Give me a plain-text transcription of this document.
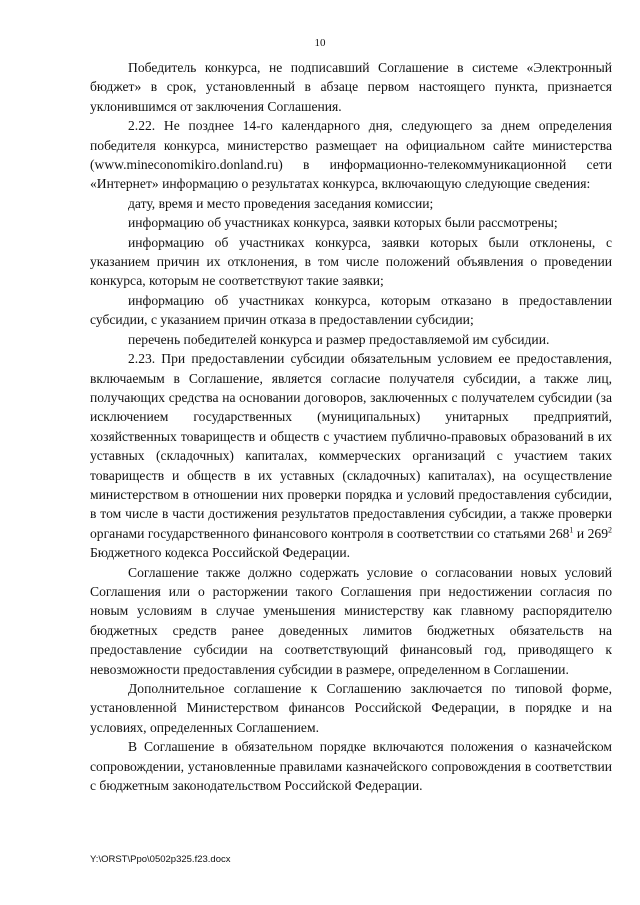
10

Победитель конкурса, не подписавший Соглашение в системе «Электронный бюджет» в срок, установленный в абзаце первом настоящего пункта, признается уклонившимся от заключения Соглашения.

2.22. Не позднее 14-го календарного дня, следующего за днем определения победителя конкурса, министерство размещает на официальном сайте министерства (www.mineconomikiro.donland.ru) в информационно-телекоммуникационной сети «Интернет» информацию о результатах конкурса, включающую следующие сведения:

дату, время и место проведения заседания комиссии;

информацию об участниках конкурса, заявки которых были рассмотрены;

информацию об участниках конкурса, заявки которых были отклонены, с указанием причин их отклонения, в том числе положений объявления о проведении конкурса, которым не соответствуют такие заявки;

информацию об участниках конкурса, которым отказано в предоставлении субсидии, с указанием причин отказа в предоставлении субсидии;

перечень победителей конкурса и размер предоставляемой им субсидии.

2.23. При предоставлении субсидии обязательным условием ее предоставления, включаемым в Соглашение, является согласие получателя субсидии, а также лиц, получающих средства на основании договоров, заключенных с получателем субсидии (за исключением государственных (муниципальных) унитарных предприятий, хозяйственных товариществ и обществ с участием публично-правовых образований в их уставных (складочных) капиталах, коммерческих организаций с участием таких товариществ и обществ в их уставных (складочных) капиталах), на осуществление министерством в отношении них проверки порядка и условий предоставления субсидии, в том числе в части достижения результатов предоставления субсидии, а также проверки органами государственного финансового контроля в соответствии со статьями $268^1$ и $269^2$ Бюджетного кодекса Российской Федерации.

Соглашение также должно содержать условие о согласовании новых условий Соглашения или о расторжении такого Соглашения при недостижении согласия по новым условиям в случае уменьшения министерству как главному распорядителю бюджетных средств ранее доведенных лимитов бюджетных обязательств на предоставление субсидии на соответствующий финансовый год, приводящего к невозможности предоставления субсидии в размере, определенном в Соглашении.

Дополнительное соглашение к Соглашению заключается по типовой форме, установленной Министерством финансов Российской Федерации, в порядке и на условиях, определенных Соглашением.

В Соглашение в обязательном порядке включаются положения о казначейском сопровождении, установленные правилами казначейского сопровождения в соответствии с бюджетным законодательством Российской Федерации.

Y:\ORST\Ppo\0502p325.f23.docx
